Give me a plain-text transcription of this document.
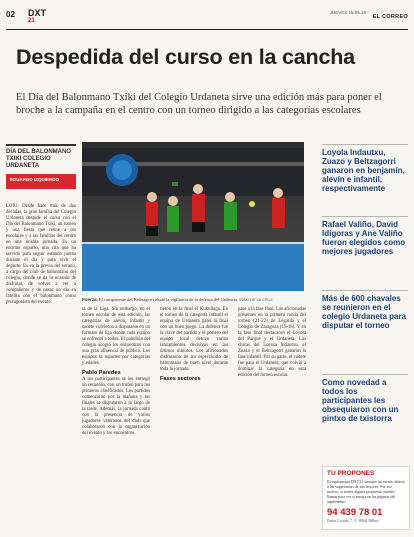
02 DXT
21
JUEVES 15.05.18
EL CORREO
Despedida del curso en la cancha
El Día del Balonmano Txiki del Colegio Urdaneta sirve una edición más para poner el broche a la campaña en el centro con un torneo dirigido a las categorías escolares
DÍA DEL BALONMANO TXIKI COLEGIO URDANETA
EDUARDO IZQUIERDO
LOIU. Desde hace más de dos décadas, la gran familia del Colegio Urdaneta despide el curso con el Día del Balonmano Txiki, un torneo y una fiesta que reúne a los escolares y a las familias del centro en una misma jornada. Es un enorme espacio, una cita que ha servido para seguir estando juntos durante el día y para vivir el deporte. Es en la previa del verano, a cargo del club de balonmano del colegio, donde se da la ocasión de disfrutar, de volver a ver a compañeros y de pasar un día en familia con el balonmano como protagonista del evento.
Fuerza. El componente del Beltzagorri elude la vigilancia de la defensa del Urdaneta. IÑAKI DE LA CRUZ
ta de la Liga. Sin embargo, en el torneo escolar de esta edición, las categorías de alevín, infantil y cadete volvieron a disputarse en un formato de liga donde cada equipo se enfrentó a todos. El pabellón del colegio acogió los encuentros con una gran afluencia de público. Los equipos se reparten por categorías y edades.
Pablo Paredes
A los participantes se les entregó un recuerdo, con un trofeo para los primeros clasificados. Los partidos comenzaron por la mañana y las finales se disputaron a lo largo de la tarde. Además, la jornada contó con la presencia de varios jugadores veteranos del club que colaboraron con la organización del evento y los encuentros.
tieron en la final el Kukullaga. En el torneo de la categoría infantil el equipo de Urdaneta ganó la final con un buen juego. La defensa fue la clave del partido y el portero del equipo local detuvo varios lanzamientos decisivos en los últimos minutos. Los aficionados disfrutaron de un espectáculo de balonmano de buen nivel durante toda la jornada.
Fases sectores
pase a la fase final. Las aficionadas presentes en la primera ronda del torneo (21-22) de Legarda y el Colegio de Zaragoza (19-18). Y en la fase final destacaron el Loyola del Parque y el Urdaneta. Las chicas del Loyola Indautxu, el Zuazo y el Beltzagorri ganaron la fase infantil. Por su parte, el cadete fue para el Urdaneta, que volvió a dominar la categoría en esta edición del torneo escolar.
Loyola Indautxu, Zuazo y Beltzagorri ganaron en benjamín, alevín e infantil, respectivamente
Rafael Valiño, David Idígoras y Ane Valiño fueron elegidos como mejores jugadores
Más de 600 chavales se reunieron en el colegio Urdaneta para disputar el torneo
Como novedad a todos los participantes les obsequiaron con un pintxo de txistorra
TU PROPONES
El suplemento DXT21 siempre ha estado abierto a las sugerencias de sus lectores. Por ese motivo, si tienes alguna propuesta, puedes llamar para ver si encaja en las páginas del suplemento.
94 439 78 01
Pintor Losada, 7. 3º 48004 Bilbao
